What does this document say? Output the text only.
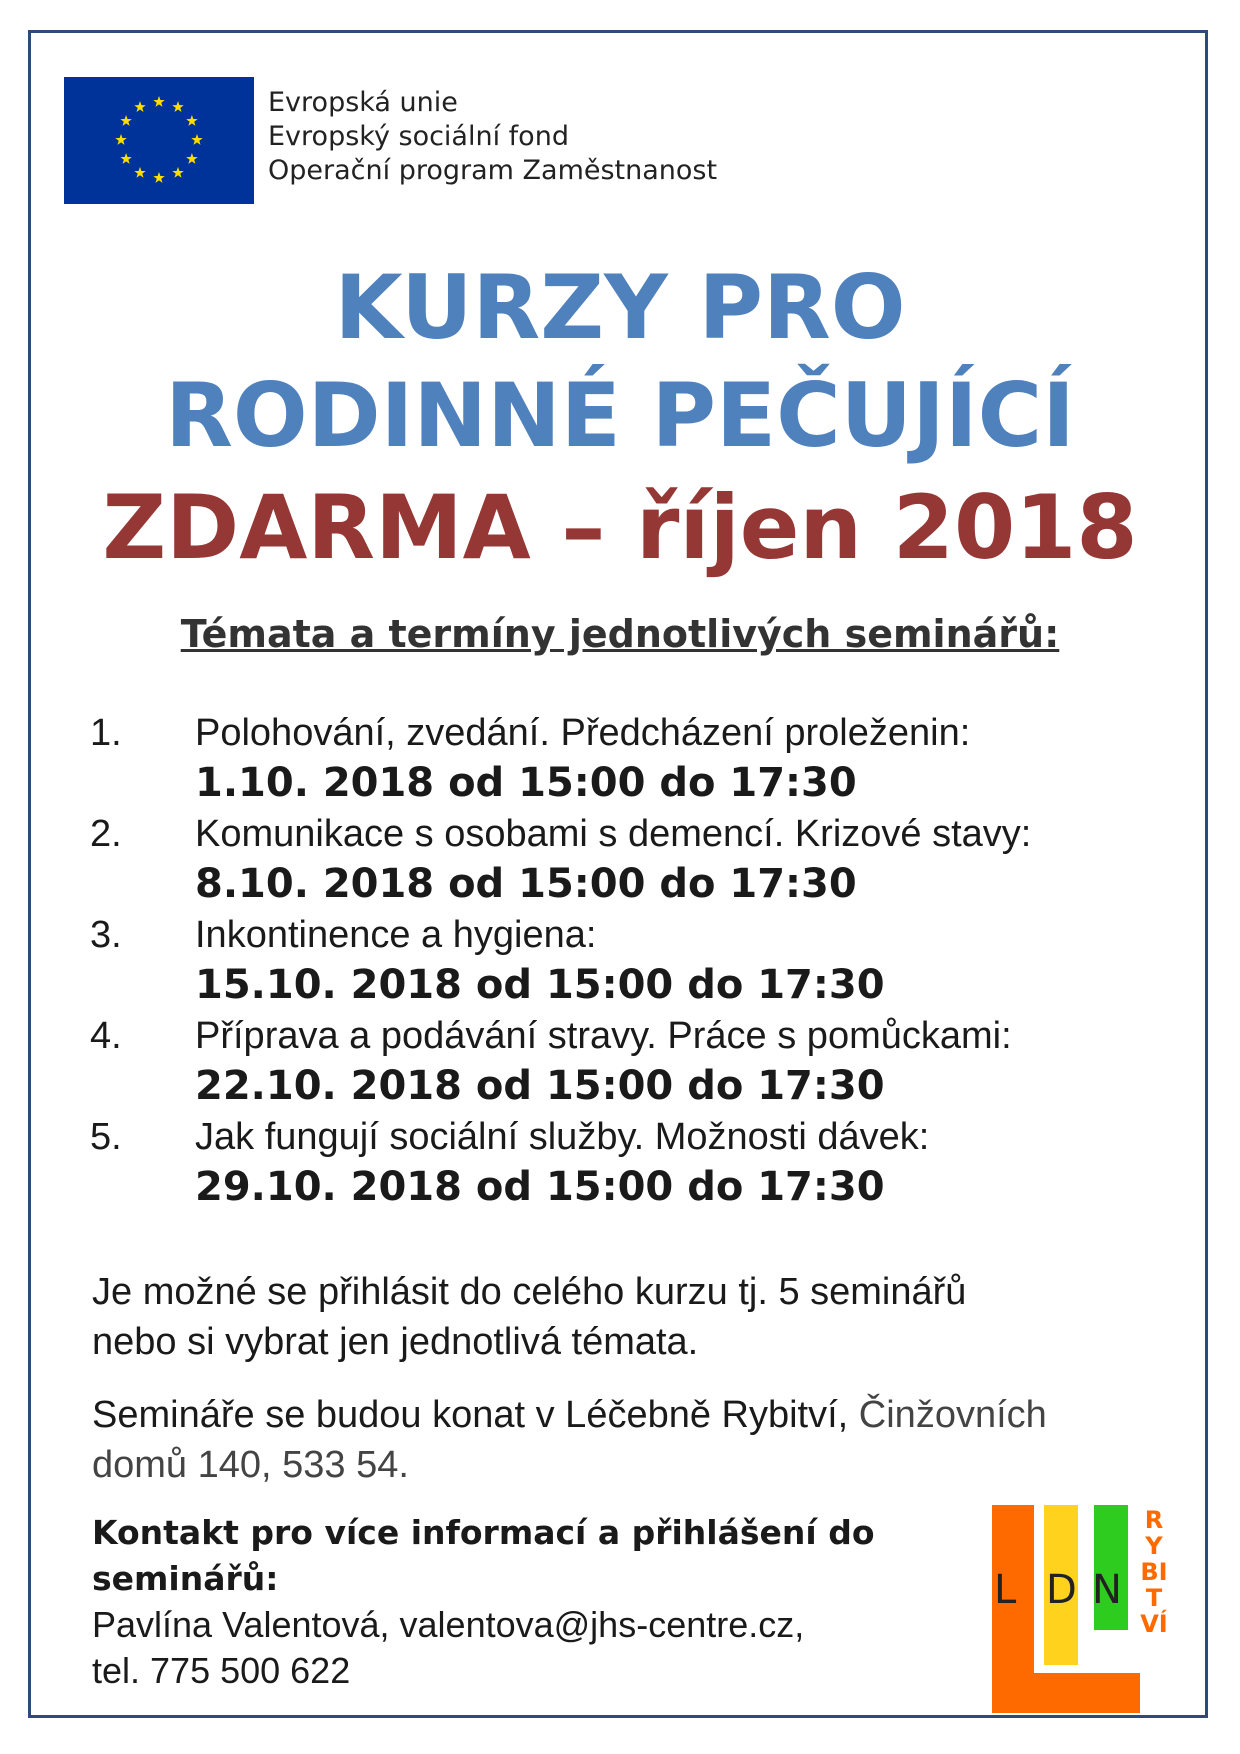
Evropská unie
Evropský sociální fond
Operační program Zaměstnanost
KURZY PRO
RODINNÉ PEČUJÍCÍ
ZDARMA – říjen 2018
Témata a termíny jednotlivých seminářů:
1. Polohování, zvedání. Předcházení proleženin:
1.10. 2018 od 15:00 do 17:30
2. Komunikace s osobami s demencí. Krizové stavy:
8.10. 2018 od 15:00 do 17:30
3. Inkontinence a hygiena:
15.10. 2018 od 15:00 do 17:30
4. Příprava a podávání stravy. Práce s pomůckami:
22.10. 2018 od 15:00 do 17:30
5. Jak fungují sociální služby. Možnosti dávek:
29.10. 2018 od 15:00 do 17:30
Je možné se přihlásit do celého kurzu tj. 5 seminářů
nebo si vybrat jen jednotlivá témata.
Semináře se budou konat v Léčebně Rybitví, Činžovních
domů 140, 533 54.
Kontakt pro více informací a přihlášení do
seminářů:
Pavlína Valentová, valentova@jhs-centre.cz,
tel. 775 500 622
L D N
RYBITVÍ
